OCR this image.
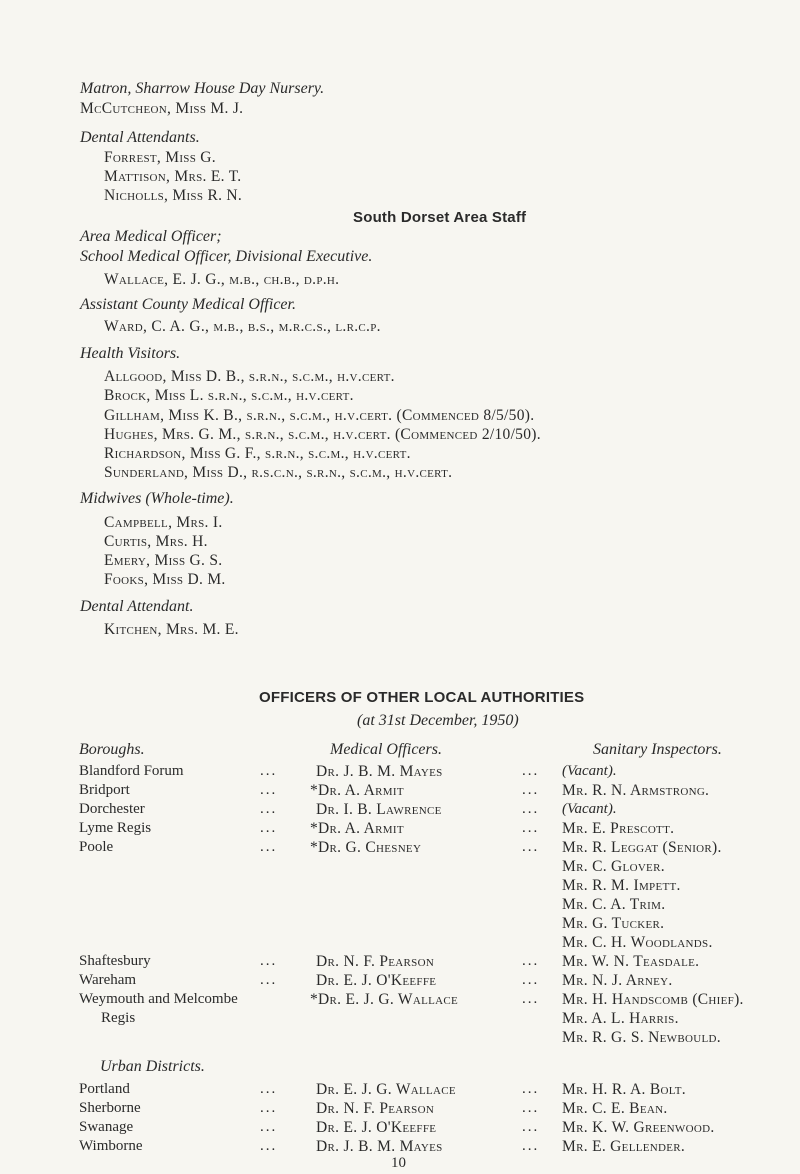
Matron, Sharrow House Day Nursery.
McCutcheon, Miss M. J.
Dental Attendants.
Forrest, Miss G.
Mattison, Mrs. E. T.
Nicholls, Miss R. N.
South Dorset Area Staff
Area Medical Officer;
School Medical Officer, Divisional Executive.
Wallace, E. J. G., m.b., ch.b., d.p.h.
Assistant County Medical Officer.
Ward, C. A. G., m.b., b.s., m.r.c.s., l.r.c.p.
Health Visitors.
Allgood, Miss D. B., s.r.n., s.c.m., h.v.cert.
Brock, Miss L. s.r.n., s.c.m., h.v.cert.
Gillham, Miss K. B., s.r.n., s.c.m., h.v.cert. (Commenced 8/5/50).
Hughes, Mrs. G. M., s.r.n., s.c.m., h.v.cert. (Commenced 2/10/50).
Richardson, Miss G. F., s.r.n., s.c.m., h.v.cert.
Sunderland, Miss D., r.s.c.n., s.r.n., s.c.m., h.v.cert.
Midwives (Whole-time).
Campbell, Mrs. I.
Curtis, Mrs. H.
Emery, Miss G. S.
Fooks, Miss D. M.
Dental Attendant.
Kitchen, Mrs. M. E.
OFFICERS OF OTHER LOCAL AUTHORITIES
(at 31st December, 1950)
Boroughs.	Medical Officers.	Sanitary Inspectors.
Blandford Forum	...	Dr. J. B. M. Mayes	... (Vacant).
Bridport	... *Dr. A. Armit	... Mr. R. N. Armstrong.
Dorchester	...	Dr. I. B. Lawrence	... (Vacant).
Lyme Regis	... *Dr. A. Armit	... Mr. E. Prescott.
Poole	... *Dr. G. Chesney	... Mr. R. Leggat (Senior).
Mr. C. Glover.
Mr. R. M. Impett.
Mr. C. A. Trim.
Mr. G. Tucker.
Mr. C. H. Woodlands.
Shaftesbury	...	Dr. N. F. Pearson	... Mr. W. N. Teasdale.
Wareham	...	Dr. E. J. O'Keeffe	... Mr. N. J. Arney.
Weymouth and Melcombe	*Dr. E. J. G. Wallace	... Mr. H. Handscomb (Chief).
Regis	Mr. A. L. Harris.
Mr. R. G. S. Newbould.
Urban Districts.
Portland	...	Dr. E. J. G. Wallace	... Mr. H. R. A. Bolt.
Sherborne	...	Dr. N. F. Pearson	... Mr. C. E. Bean.
Swanage	...	Dr. E. J. O'Keeffe	... Mr. K. W. Greenwood.
Wimborne	...	Dr. J. B. M. Mayes	... Mr. E. Gellender.
10
